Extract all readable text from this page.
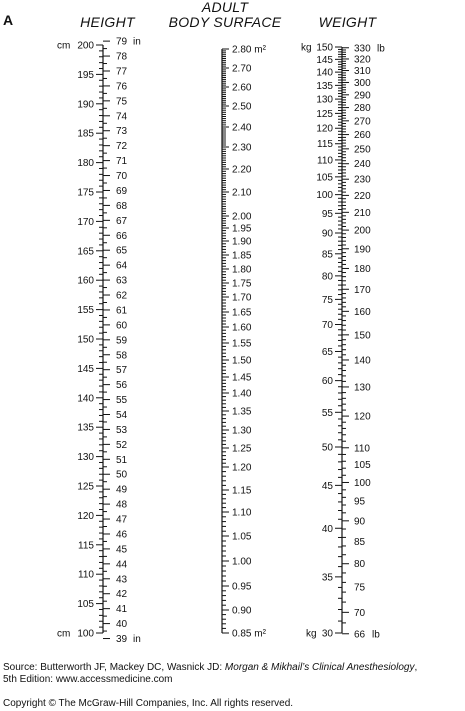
A	HEIGHT
ADULT
BODY SURFACE	WEIGHT
200
195
190
185
180
175
170
165
160
155
150
145
140
135
130
125
120
115
110
105
100
cm
cm
79
78
77
76
75
74
73
72
71
70
69
68
67
66
65
64
63
62
61
60
59
58
57
56
55
54
53
52
51
50
49
48
47
46
45
44
43
42
41
40
39
in
in
2.80 m²
2.70
2.60
2.50
2.40
2.30
2.20
2.10
2.00
1.95
1.90
1.85
1.80
1.75
1.70
1.65
1.60
1.55
1.50
1.45
1.40
1.35
1.30
1.25
1.20
1.15
1.10
1.05
1.00
0.95
0.90
0.85 m²
150
145
140
135
130
125
120
115
110
105
100
95
90
85
80
75
70
65
60
55
50
45
40
35
30
kg
kg
330
320
310
300
290
280
270
260
250
240
230
220
210
200
190
180
170
160
150
140
130
120
110
105
100
95
90
85
80
75
70
66
lb
lb
Source: Butterworth JF, Mackey DC, Wasnick JD: Morgan & Mikhail’s Clinical Anesthesiology,
5th Edition: www.accessmedicine.com
Copyright © The McGraw-Hill Companies, Inc. All rights reserved.
